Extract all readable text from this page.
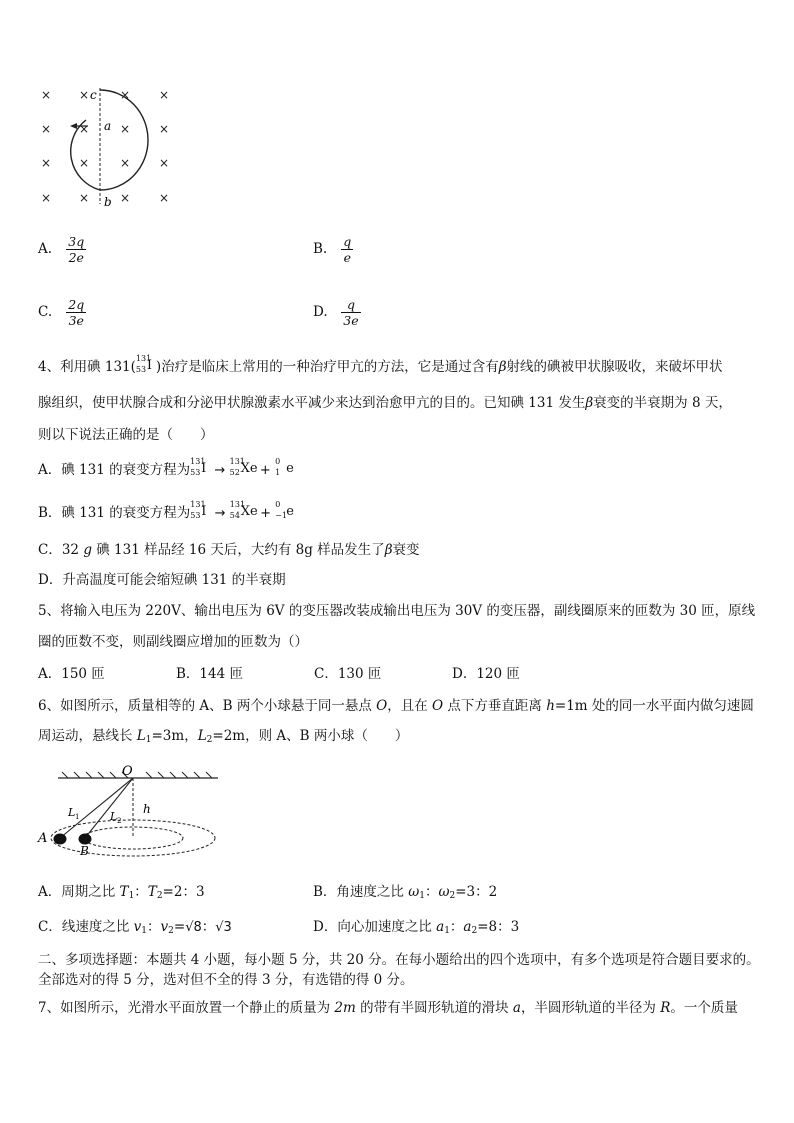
× ×	× ×
× ×	× ×
× ×	× ×
× ×	× ×
c
a
b
A. $\frac{3q}{2e}$	B. $\frac{q}{e}$
C. $\frac{2q}{3e}$	D. $\frac{q}{3e}$
4、利用碘 131(
131
53 I )治疗是临床上常用的一种治疗甲亢的方法，它是通过含有β射线的碘被甲状腺吸收，来破坏甲状
腺组织，使甲状腺合成和分泌甲状腺激素水平减少来达到治愈甲亢的目的。已知碘 131 发生β衰变的半衰期为 8 天，
则以下说法正确的是（　　）
A．碘 131 的衰变方程为
131
53 I →
131
52 Xe +
0
1 e
B．碘 131 的衰变方程为
131
53 I →
131
54 Xe +
0
−1 e
C．32 g 碘 131 样品经 16 天后，大约有 8g 样品发生了β衰变
D．升高温度可能会缩短碘 131 的半衰期
5、将输入电压为 220V、输出电压为 6V 的变压器改装成输出电压为 30V 的变压器，副线圈原来的匝数为 30 匝，原线
圈的匝数不变，则副线圈应增加的匝数为（）
A．150 匝	B．144 匝	C．130 匝	D．120 匝
6、如图所示，质量相等的 A、B 两个小球悬于同一悬点 O，且在 O 点下方垂直距离 h=1m 处的同一水平面内做匀速圆
周运动，悬线长 $L_1=3m$，$L_2=2m$，则 A、B 两小球（　　）
O
L 1	L 2
h
A
B
A．周期之比 $T_1$：$T_2=2$：3	B．角速度之比 $\omega_1$：$\omega_2=3$：2
C．线速度之比 $v_1$：$v_2=√8$：√3	D．向心加速度之比 $a_1$：$a_2=8$：3
二、多项选择题：本题共 4 小题，每小题 5 分，共 20 分。在每小题给出的四个选项中，有多个选项是符合题目要求的。
全部选对的得 5 分，选对但不全的得 3 分，有选错的得 0 分。
7、如图所示，光滑水平面放置一个静止的质量为 2m 的带有半圆形轨道的滑块 a，半圆形轨道的半径为 R。一个质量
